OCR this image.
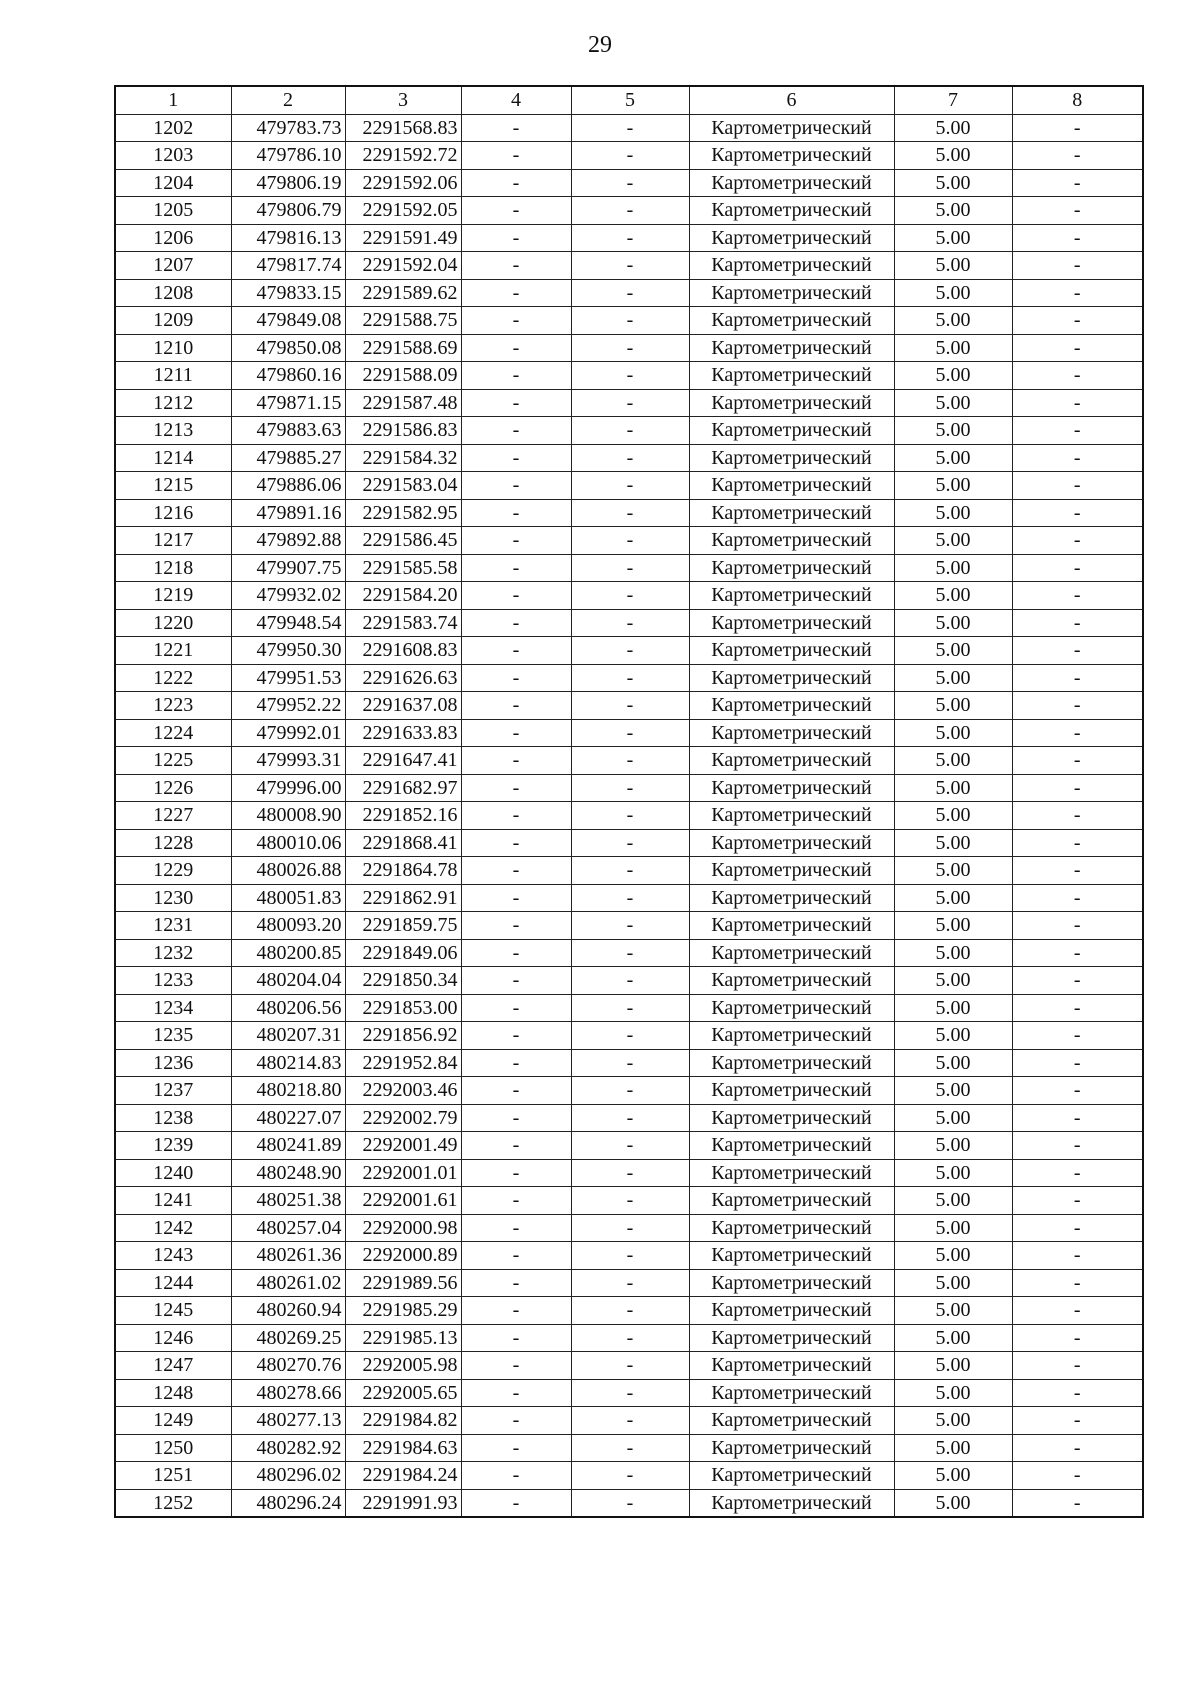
29
1	2	3	4	5	6	7	8
1202	479783.73	2291568.83	-	-	Картометрический	5.00	-
1203	479786.10	2291592.72	-	-	Картометрический	5.00	-
1204	479806.19	2291592.06	-	-	Картометрический	5.00	-
1205	479806.79	2291592.05	-	-	Картометрический	5.00	-
1206	479816.13	2291591.49	-	-	Картометрический	5.00	-
1207	479817.74	2291592.04	-	-	Картометрический	5.00	-
1208	479833.15	2291589.62	-	-	Картометрический	5.00	-
1209	479849.08	2291588.75	-	-	Картометрический	5.00	-
1210	479850.08	2291588.69	-	-	Картометрический	5.00	-
1211	479860.16	2291588.09	-	-	Картометрический	5.00	-
1212	479871.15	2291587.48	-	-	Картометрический	5.00	-
1213	479883.63	2291586.83	-	-	Картометрический	5.00	-
1214	479885.27	2291584.32	-	-	Картометрический	5.00	-
1215	479886.06	2291583.04	-	-	Картометрический	5.00	-
1216	479891.16	2291582.95	-	-	Картометрический	5.00	-
1217	479892.88	2291586.45	-	-	Картометрический	5.00	-
1218	479907.75	2291585.58	-	-	Картометрический	5.00	-
1219	479932.02	2291584.20	-	-	Картометрический	5.00	-
1220	479948.54	2291583.74	-	-	Картометрический	5.00	-
1221	479950.30	2291608.83	-	-	Картометрический	5.00	-
1222	479951.53	2291626.63	-	-	Картометрический	5.00	-
1223	479952.22	2291637.08	-	-	Картометрический	5.00	-
1224	479992.01	2291633.83	-	-	Картометрический	5.00	-
1225	479993.31	2291647.41	-	-	Картометрический	5.00	-
1226	479996.00	2291682.97	-	-	Картометрический	5.00	-
1227	480008.90	2291852.16	-	-	Картометрический	5.00	-
1228	480010.06	2291868.41	-	-	Картометрический	5.00	-
1229	480026.88	2291864.78	-	-	Картометрический	5.00	-
1230	480051.83	2291862.91	-	-	Картометрический	5.00	-
1231	480093.20	2291859.75	-	-	Картометрический	5.00	-
1232	480200.85	2291849.06	-	-	Картометрический	5.00	-
1233	480204.04	2291850.34	-	-	Картометрический	5.00	-
1234	480206.56	2291853.00	-	-	Картометрический	5.00	-
1235	480207.31	2291856.92	-	-	Картометрический	5.00	-
1236	480214.83	2291952.84	-	-	Картометрический	5.00	-
1237	480218.80	2292003.46	-	-	Картометрический	5.00	-
1238	480227.07	2292002.79	-	-	Картометрический	5.00	-
1239	480241.89	2292001.49	-	-	Картометрический	5.00	-
1240	480248.90	2292001.01	-	-	Картометрический	5.00	-
1241	480251.38	2292001.61	-	-	Картометрический	5.00	-
1242	480257.04	2292000.98	-	-	Картометрический	5.00	-
1243	480261.36	2292000.89	-	-	Картометрический	5.00	-
1244	480261.02	2291989.56	-	-	Картометрический	5.00	-
1245	480260.94	2291985.29	-	-	Картометрический	5.00	-
1246	480269.25	2291985.13	-	-	Картометрический	5.00	-
1247	480270.76	2292005.98	-	-	Картометрический	5.00	-
1248	480278.66	2292005.65	-	-	Картометрический	5.00	-
1249	480277.13	2291984.82	-	-	Картометрический	5.00	-
1250	480282.92	2291984.63	-	-	Картометрический	5.00	-
1251	480296.02	2291984.24	-	-	Картометрический	5.00	-
1252	480296.24	2291991.93	-	-	Картометрический	5.00	-
